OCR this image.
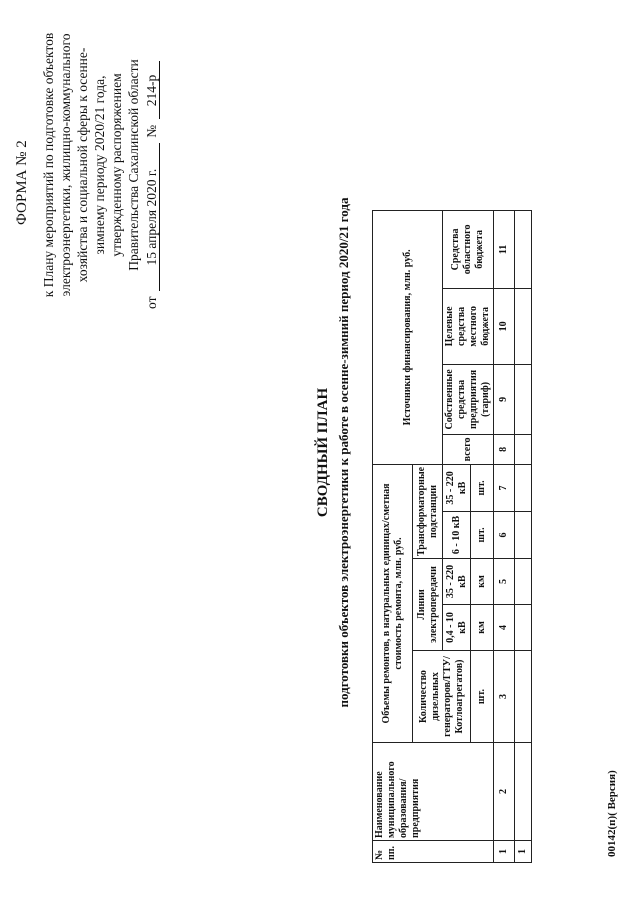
ФОРМА № 2 к Плану мероприятий по подготовке объектов электроэнергетики, жилищно-коммунального хозяйства и социальной сферы к осенне- зимнему периоду 2020/21 года, утвержденному распоряжением Правительства Сахалинской области
от 15 апреля 2020 г. № 214-р
СВОДНЫЙ ПЛАН подготовки объектов электроэнергетики к работе в осенне-зимний период 2020/21 года
№ пп.	Наименование муниципального образования/предприятия	Объемы ремонтов, в натуральных единицах/сметная стоимость ремонта, млн. руб.					Источники финансирования, млн. руб.			
		Количество дизельных генераторов/ГТУ/Котлоагрегатов)	Линии электропередачи		Трансформаторные подстанции					
			0,4 - 10 кВ	35 - 220 кВ	6 - 10 кВ	35 - 220 кВ	всего	Собственные средства предприятия (тариф)	Целевые средства местного бюджета	Средства областного бюджета
		шт.	км	км	шт.	шт.				
1	2	3	4	5	6	7	8	9	10	11
1											00142(п)( Версия)
